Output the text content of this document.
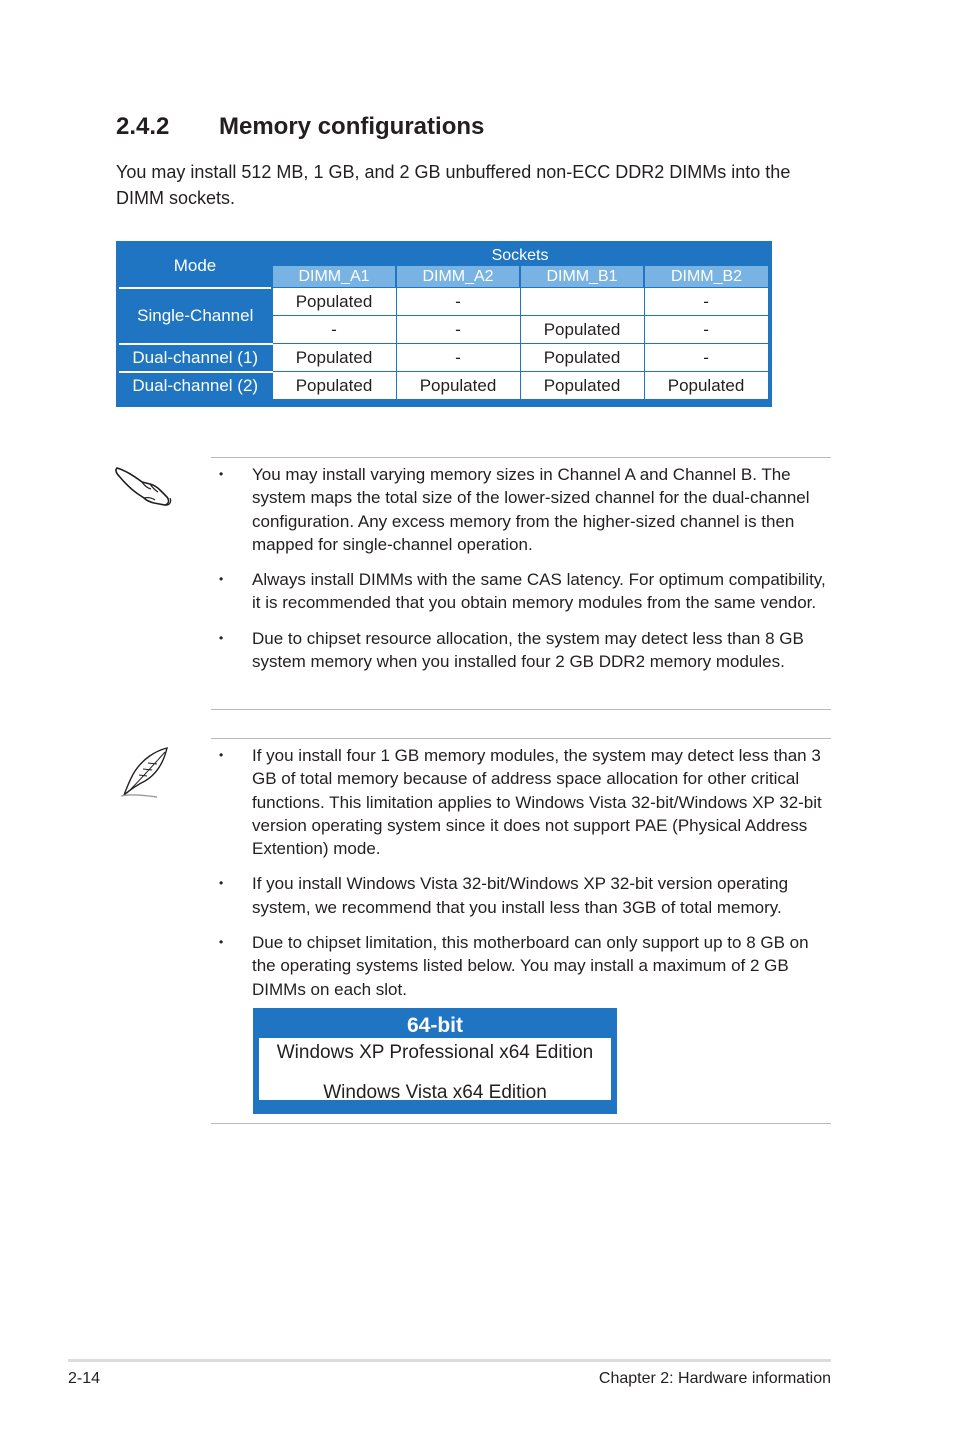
2.4.2 Memory configurations

You may install 512 MB, 1 GB, and 2 GB unbuffered non-ECC DDR2 DIMMs into the DIMM sockets.

Mode	Sockets			
	DIMM_A1	DIMM_A2	DIMM_B1	DIMM_B2
Single-Channel	Populated	-		-
	-	-	Populated	-
Dual-channel (1)	Populated	-	Populated	-
Dual-channel (2)	Populated	Populated	Populated	Populated
• You may install varying memory sizes in Channel A and Channel B. The system maps the total size of the lower-sized channel for the dual-channel configuration. Any excess memory from the higher-sized channel is then mapped for single-channel operation.
• Always install DIMMs with the same CAS latency. For optimum compatibility, it is recommended that you obtain memory modules from the same vendor.
• Due to chipset resource allocation, the system may detect less than 8 GB system memory when you installed four 2 GB DDR2 memory modules.
• If you install four 1 GB memory modules, the system may detect less than 3 GB of total memory because of address space allocation for other critical functions. This limitation applies to Windows Vista 32-bit/Windows XP 32-bit version operating system since it does not support PAE (Physical Address Extention) mode.
• If you install Windows Vista 32-bit/Windows XP 32-bit version operating system, we recommend that you install less than 3GB of total memory.
• Due to chipset limitation, this motherboard can only support up to 8 GB on the operating systems listed below. You may install a maximum of 2 GB DIMMs on each slot.
64-bit
Windows XP Professional x64 Edition
Windows Vista x64 Edition
2-14	Chapter 2: Hardware information
